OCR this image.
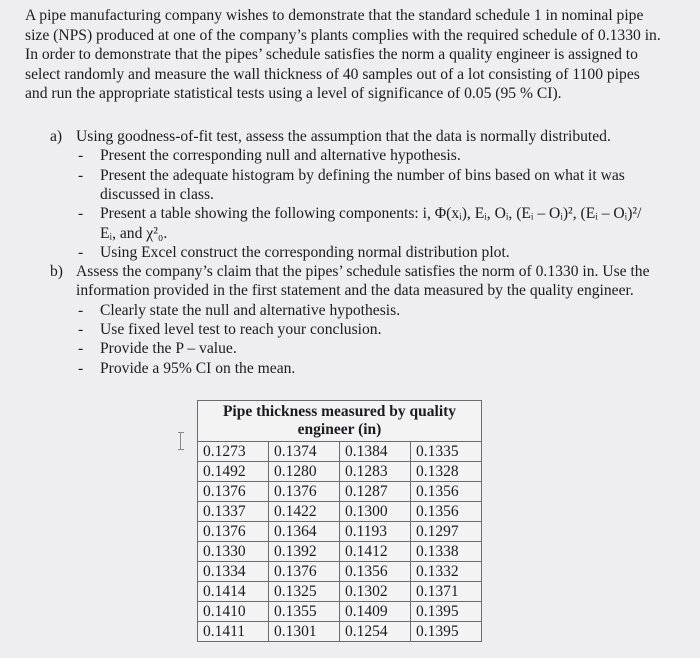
A pipe manufacturing company wishes to demonstrate that the standard schedule 1 in nominal pipe
size (NPS) produced at one of the company’s plants complies with the required schedule of 0.1330 in.
In order to demonstrate that the pipes’ schedule satisfies the norm a quality engineer is assigned to
select randomly and measure the wall thickness of 40 samples out of a lot consisting of 1100 pipes
and run the appropriate statistical tests using a level of significance of 0.05 (95 % CI).
a) Using goodness-of-fit test, assess the assumption that the data is normally distributed.
- Present the corresponding null and alternative hypothesis.
- Present the adequate histogram by defining the number of bins based on what it was
discussed in class.
- Present a table showing the following components: i, Φ(xᵢ), Eᵢ, Oᵢ, (Eᵢ – Oᵢ)², (Eᵢ – Oᵢ)²/
Eᵢ, and χ²₀.
- Using Excel construct the corresponding normal distribution plot.
b) Assess the company’s claim that the pipes’ schedule satisfies the norm of 0.1330 in. Use the
information provided in the first statement and the data measured by the quality engineer.
- Clearly state the null and alternative hypothesis.
- Use fixed level test to reach your conclusion.
- Provide the P – value.
- Provide a 95% CI on the mean.
Pipe thickness measured by quality engineer (in)			
0.1273	0.1374	0.1384	0.1335
0.1492	0.1280	0.1283	0.1328
0.1376	0.1376	0.1287	0.1356
0.1337	0.1422	0.1300	0.1356
0.1376	0.1364	0.1193	0.1297
0.1330	0.1392	0.1412	0.1338
0.1334	0.1376	0.1356	0.1332
0.1414	0.1325	0.1302	0.1371
0.1410	0.1355	0.1409	0.1395
0.1411	0.1301	0.1254	0.1395
